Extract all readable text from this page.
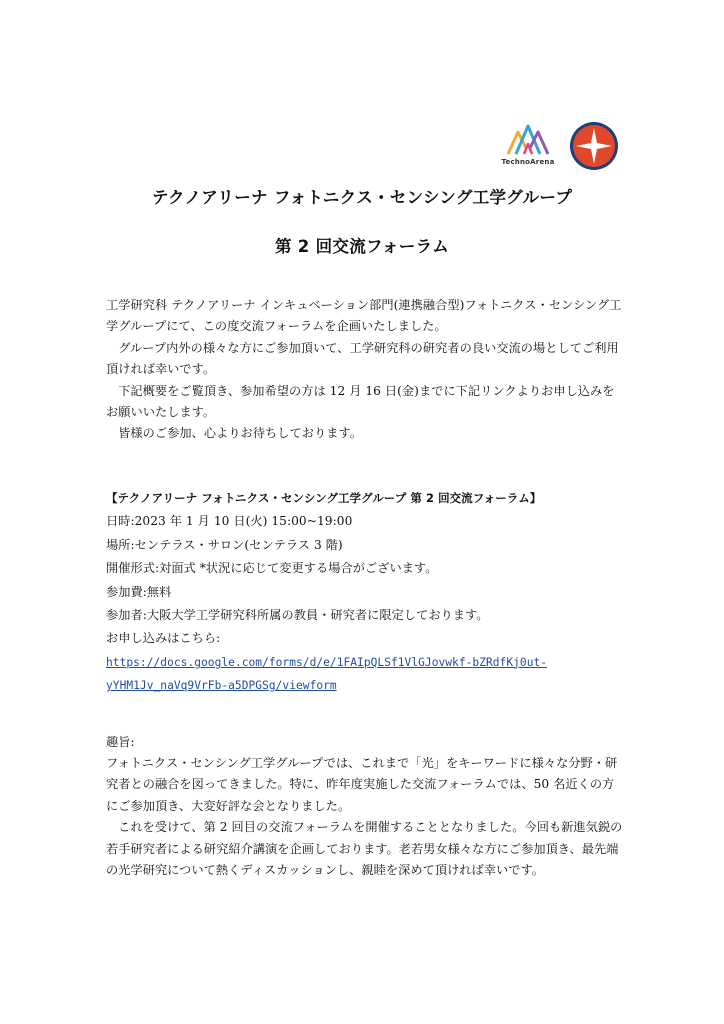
TechnoArena
テクノアリーナ フォトニクス・センシング工学グループ
第 2 回交流フォーラム

工学研究科 テクノアリーナ インキュベーション部門(連携融合型)フォトニクス・センシング工学グループにて、この度交流フォーラムを企画いたしました。

グループ内外の様々な方にご参加頂いて、工学研究科の研究者の良い交流の場としてご利用頂ければ幸いです。

下記概要をご覧頂き、参加希望の方は 12 月 16 日(金)までに下記リンクよりお申し込みをお願いいたします。

皆様のご参加、心よりお待ちしております。

【テクノアリーナ フォトニクス・センシング工学グループ 第 2 回交流フォーラム】
日時:2023 年 1 月 10 日(火) 15:00~19:00
場所:センテラス・サロン(センテラス 3 階)
開催形式:対面式 *状況に応じて変更する場合がございます。
参加費:無料
参加者:大阪大学工学研究科所属の教員・研究者に限定しております。
お申し込みはこちら:
https://docs.google.com/forms/d/e/1FAIpQLSf1VlGJovwkf-bZRdfKj0ut-
yYHM1Jv_naVq9VrFb-a5DPGSg/viewform

趣旨:

フォトニクス・センシング工学グループでは、これまで「光」をキーワードに様々な分野・研究者との融合を図ってきました。特に、昨年度実施した交流フォーラムでは、50 名近くの方にご参加頂き、大変好評な会となりました。

これを受けて、第 2 回目の交流フォーラムを開催することとなりました。今回も新進気鋭の若手研究者による研究紹介講演を企画しております。老若男女様々な方にご参加頂き、最先端の光学研究について熱くディスカッションし、親睦を深めて頂ければ幸いです。
